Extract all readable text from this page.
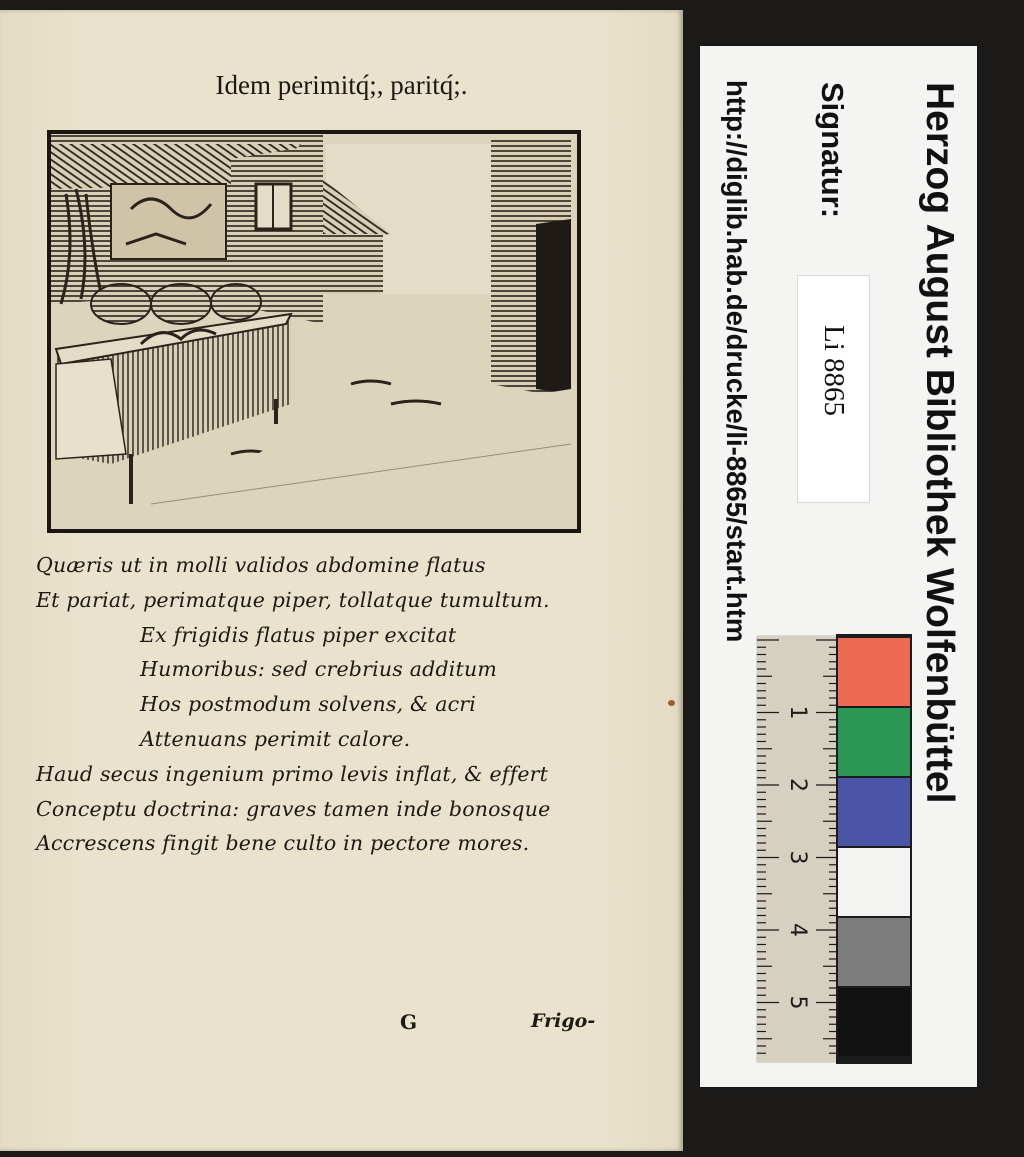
Idem perimitq́;, paritq́;.
Quæris ut in molli validos abdomine flatus
Et pariat, perimatque piper, tollatque tumultum.
Ex frigidis flatus piper excitat
Humoribus: sed crebrius additum
Hos postmodum solvens, & acri
Attenuans perimit calore.
Haud secus ingenium primo levis inflat, & effert
Conceptu doctrina: graves tamen inde bonosque
Accrescens fingit bene culto in pectore mores.
G	Frigo-
Herzog August Bibliothek Wolfenbüttel
Signatur:
Li 8865
http://diglib.hab.de/drucke/li-8865/start.htm
1
2
3
4
5
